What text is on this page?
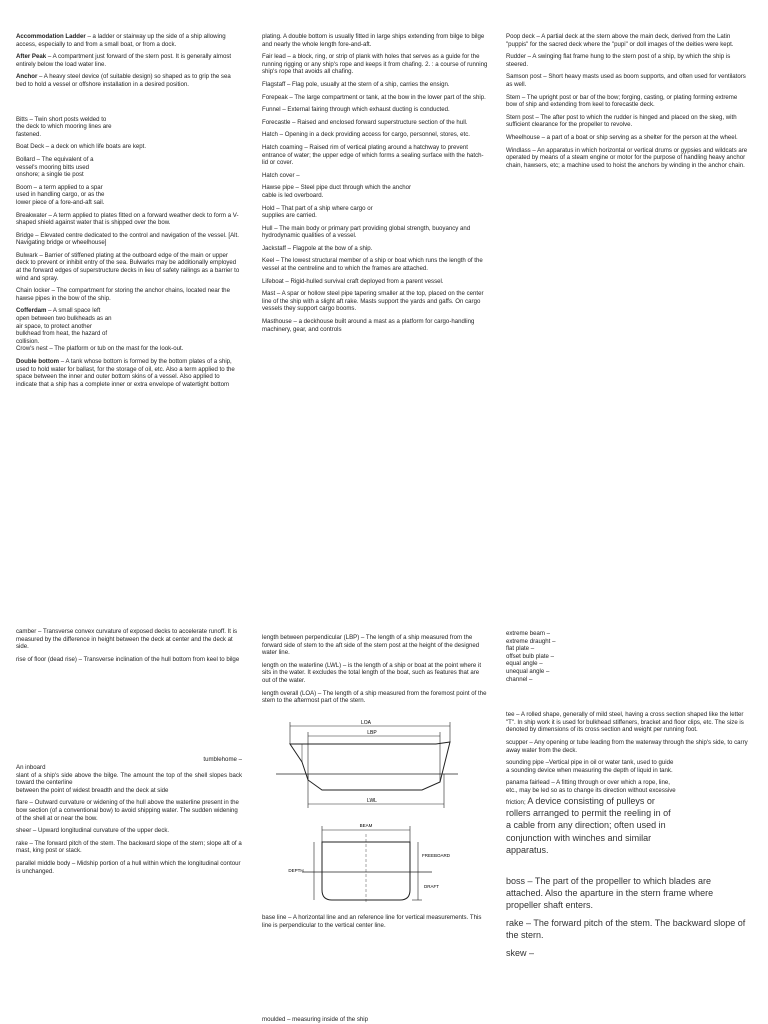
Accommodation Ladder – a ladder or stairway up the side of a ship allowing access, especially to and from a small boat, or from a dock.

After Peak – A compartment just forward of the stern post. It is generally almost entirely below the load water line.

Anchor – A heavy steel device (of suitable design) so shaped as to grip the sea bed to hold a vessel or offshore installation in a desired position.

Bitts – Twin short posts welded to the deck to which mooring lines are fastened.

Boat Deck – a deck on which life boats are kept.

Bollard – The equivalent of a vessel's mooring bitts used onshore; a single tie post

Boom – a term applied to a spar used in handling cargo, or as the lower piece of a fore-and-aft sail.

Breakwater – A term applied to plates fitted on a forward weather deck to form a V-shaped shield against water that is shipped over the bow.

Bridge – Elevated centre dedicated to the control and navigation of the vessel. [Alt. Navigating bridge or wheelhouse]

Bulwark – Barrier of stiffened plating at the outboard edge of the main or upper deck to prevent or inhibit entry of the sea. Bulwarks may be additionally employed at the forward edges of superstructure decks in lieu of safety railings as a barrier to wind and spray.

Chain locker – The compartment for storing the anchor chains, located near the hawse pipes in the bow of the ship.

Cofferdam – A small space left open between two bulkheads as an air space, to protect another bulkhead from heat, the hazard of collision.

Crow's nest – The platform or tub on the mast for the look-out.

Double bottom – A tank whose bottom is formed by the bottom plates of a ship, used to hold water for ballast, for the storage of oil, etc. Also a term applied to the space between the inner and outer bottom skins of a vessel. Also applied to indicate that a ship has a complete inner or extra envelope of watertight bottom

plating. A double bottom is usually fitted in large ships extending from bilge to bilge and nearly the whole length fore-and-aft.

Fair lead – a block, ring, or strip of plank with holes that serves as a guide for the running rigging or any ship's rope and keeps it from chafing. 2. : a course of running ship's rope that avoids all chafing.

Flagstaff – Flag pole, usually at the stern of a ship, carries the ensign.

Forepeak – The large compartment or tank, at the bow in the lower part of the ship.

Funnel – External fairing through which exhaust ducting is conducted.

Forecastle – Raised and enclosed forward superstructure section of the hull.

Hatch – Opening in a deck providing access for cargo, personnel, stores, etc.

Hatch coaming – Raised rim of vertical plating around a hatchway to prevent entrance of water; the upper edge of which forms a sealing surface with the hatch-lid or cover.

Hatch cover –

Hawse pipe – Steel pipe duct through which the anchor cable is led overboard.

Hold – That part of a ship where cargo or supplies are carried.

Hull – The main body or primary part providing global strength, buoyancy and hydrodynamic qualities of a vessel.

Jackstaff – Flagpole at the bow of a ship.

Keel – The lowest structural member of a ship or boat which runs the length of the vessel at the centreline and to which the frames are attached.

Lifeboat – Rigid-hulled survival craft deployed from a parent vessel.

Mast – A spar or hollow steel pipe tapering smaller at the top, placed on the center line of the ship with a slight aft rake. Masts support the yards and gaffs. On cargo vessels they support cargo booms.

Masthouse – a deckhouse built around a mast as a platform for cargo-handling machinery, gear, and controls

Poop deck – A partial deck at the stern above the main deck, derived from the Latin "puppis" for the sacred deck where the "pupi" or doll images of the deities were kept.

Rudder – A swinging flat frame hung to the stern post of a ship, by which the ship is steered.

Samson post – Short heavy masts used as boom supports, and often used for ventilators as well.

Stem – The upright post or bar of the bow; forging, casting, or plating forming extreme bow of ship and extending from keel to forecastle deck.

Stern post – The after post to which the rudder is hinged and placed on the skeg, with sufficient clearance for the propeller to revolve.

Wheelhouse – a part of a boat or ship serving as a shelter for the person at the wheel.

Windlass – An apparatus in which horizontal or vertical drums or gypsies and wildcats are operated by means of a steam engine or motor for the purpose of handling heavy anchor chain, hawsers, etc; a machine used to hoist the anchors by winding in the anchor chain.

camber – Transverse convex curvature of exposed decks to accelerate runoff. It is measured by the difference in height between the deck at center and the deck at side.

rise of floor (dead rise) – Transverse inclination of the hull bottom from keel to bilge

tumblehome –

An inboard

slant of a ship's side above the bilge. The amount the top of the shell slopes back toward the centerline

between the point of widest breadth and the deck at side

flare – Outward curvature or widening of the hull above the waterline present in the bow section (of a conventional bow) to avoid shipping water. The sudden widening of the shell at or near the bow.

sheer – Upward longitudinal curvature of the upper deck.

rake – The forward pitch of the stem. The backward slope of the stern; slope aft of a mast, king post or stack.

parallel middle body – Midship portion of a hull within which the longitudinal contour is unchanged.

length between perpendicular (LBP) – The length of a ship measured from the forward side of stem to the aft side of the stern post at the height of the designed water line.

length on the waterline (LWL) – is the length of a ship or boat at the point where it sits in the water. It excludes the total length of the boat, such as features that are out of the water.

length overall (LOA) – The length of a ship measured from the foremost point of the stem to the aftermost part of the stern.

LOA
LBP
LWL
BEAM
DEPTH
FREEBOARD
DRAFT

base line – A horizontal line and an reference line for vertical measurements. This line is perpendicular to the vertical center line.

moulded – measuring inside of the ship

extreme beam –
extreme draught –
flat plate –
offset bulb plate –
equal angle –
unequal angle –
channel –

tee – A rolled shape, generally of mild steel, having a cross section shaped like the letter "T". In ship work it is used for bulkhead stiffeners, bracket and floor clips, etc. The size is denoted by dimensions of its cross section and weight per running foot.

scupper – Any opening or tube leading from the waterway through the ship's side, to carry away water from the deck.

sounding pipe –Vertical pipe in oil or water tank, used to guide a sounding device when measuring the depth of liquid in tank.

panama fairlead – A fitting through or over which a rope, line, etc., may be led so as to change its direction without excessive friction; A device consisting of pulleys or rollers arranged to permit the reeling in of a cable from any direction; often used in conjunction with winches and similar apparatus.

boss – The part of the propeller to which blades are attached. Also the aparture in the stern frame where propeller shaft enters.

rake – The forward pitch of the stem. The backward slope of the stern.

skew –
